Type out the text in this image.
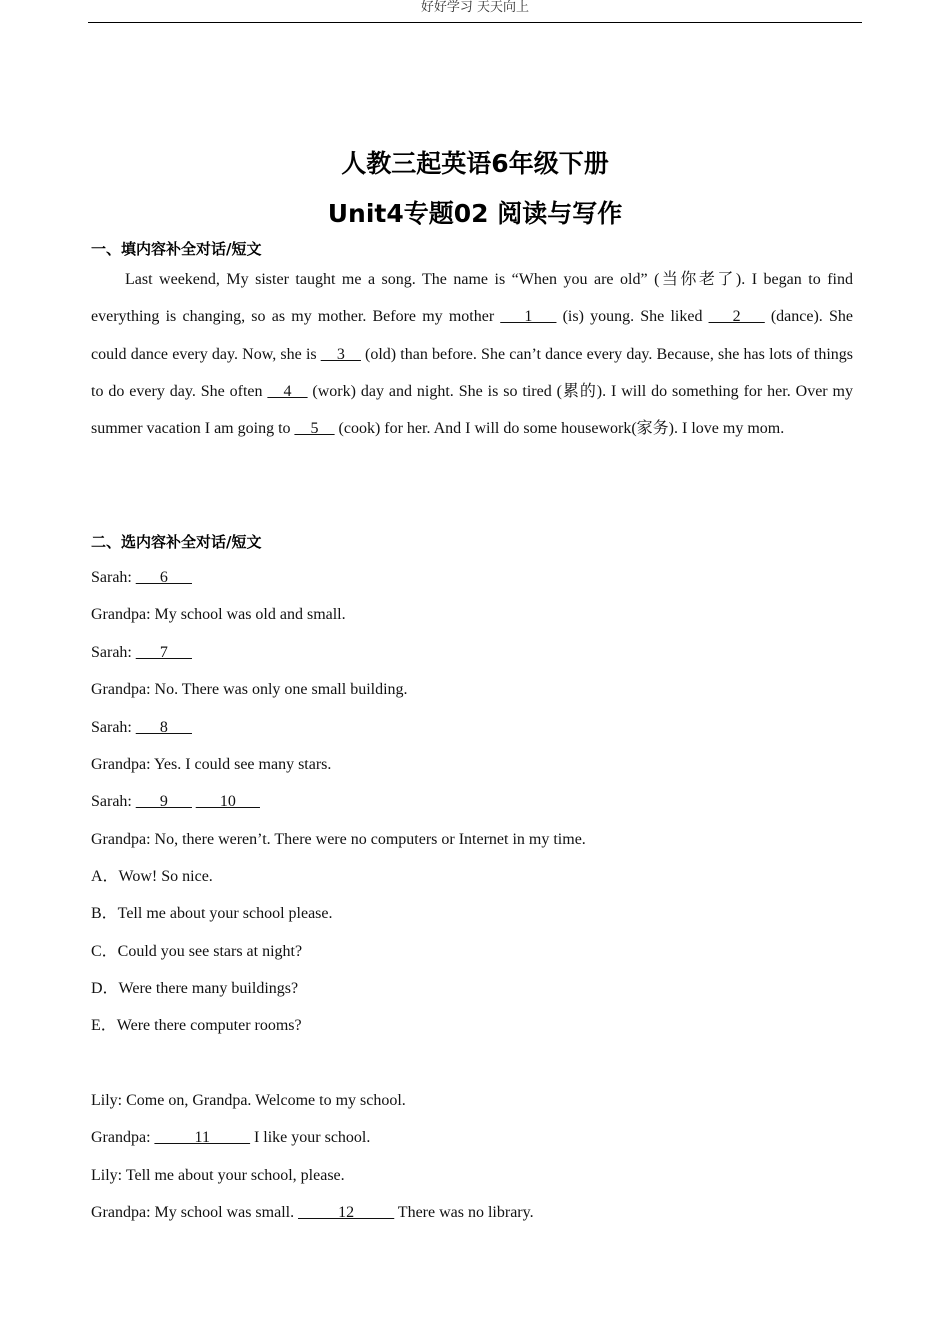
好好学习 天天向上
人教三起英语6年级下册
Unit4专题02 阅读与写作
一、填内容补全对话/短文
Last weekend, My sister taught me a song. The name is “When you are old” (当你老了). I began to find everything is changing, so as my mother. Before my mother ___1___ (is) young. She liked ___2___ (dance). She could dance every day. Now, she is __3__ (old) than before. She can’t dance every day. Because, she has lots of things to do every day. She often __4__ (work) day and night. She is so tired (累的). I will do something for her. Over my summer vacation I am going to __5__ (cook) for her. And I will do some housework(家务). I love my mom.
二、选内容补全对话/短文
Sarah: ___6___
Grandpa: My school was old and small.
Sarah: ___7___
Grandpa: No. There was only one small building.
Sarah: ___8___
Grandpa: Yes. I could see many stars.
Sarah: ___9___ ___10___
Grandpa: No, there weren’t. There were no computers or Internet in my time.
A．Wow! So nice.
B．Tell me about your school please.
C．Could you see stars at night?
D．Were there many buildings?
E．Were there computer rooms?
Lily: Come on, Grandpa. Welcome to my school.
Grandpa: _____11_____ I like your school.
Lily: Tell me about your school, please.
Grandpa: My school was small. _____12_____ There was no library.
